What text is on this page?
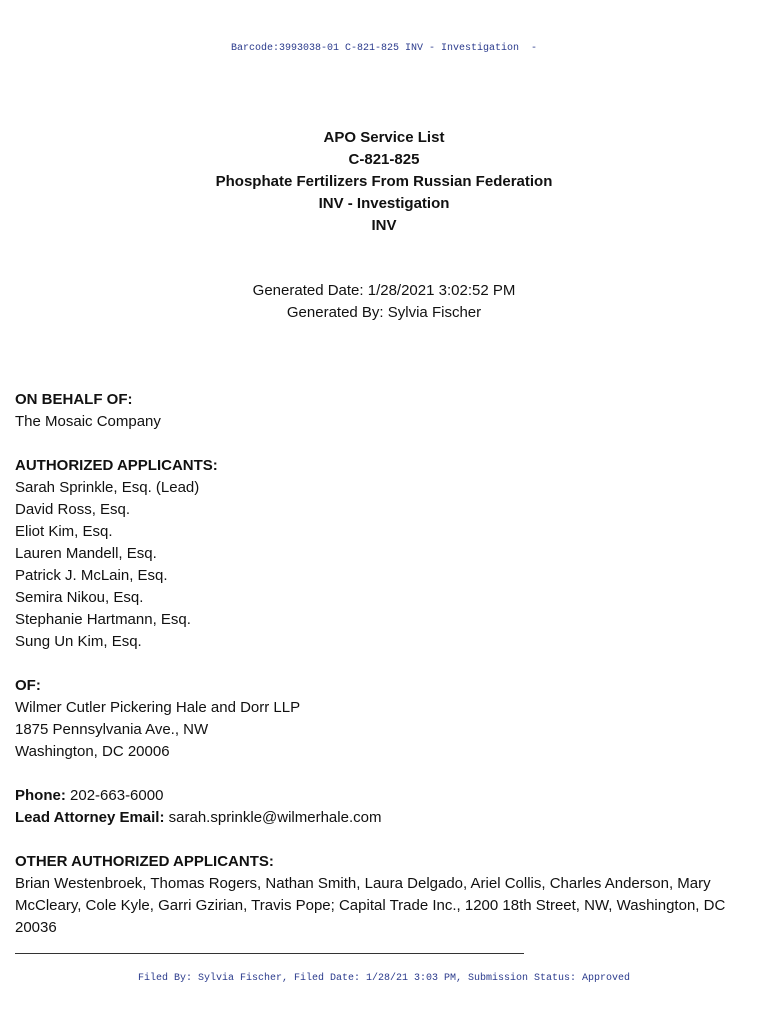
Barcode:3993038-01 C-821-825 INV - Investigation  -
APO Service List
C-821-825
Phosphate Fertilizers From Russian Federation
INV - Investigation
INV
Generated Date: 1/28/2021 3:02:52 PM
Generated By: Sylvia Fischer
ON BEHALF OF:
The Mosaic Company
AUTHORIZED APPLICANTS:
Sarah Sprinkle, Esq. (Lead)
David Ross, Esq.
Eliot Kim, Esq.
Lauren Mandell, Esq.
Patrick J. McLain, Esq.
Semira Nikou, Esq.
Stephanie Hartmann, Esq.
Sung Un Kim, Esq.
OF:
Wilmer Cutler Pickering Hale and Dorr LLP
1875 Pennsylvania Ave., NW
Washington, DC 20006
Phone: 202-663-6000
Lead Attorney Email: sarah.sprinkle@wilmerhale.com
OTHER AUTHORIZED APPLICANTS:
Brian Westenbroek, Thomas Rogers, Nathan Smith, Laura Delgado, Ariel Collis, Charles Anderson, Mary McCleary, Cole Kyle, Garri Gzirian, Travis Pope; Capital Trade Inc., 1200 18th Street, NW, Washington, DC 20036
Filed By: Sylvia Fischer, Filed Date: 1/28/21 3:03 PM, Submission Status: Approved
